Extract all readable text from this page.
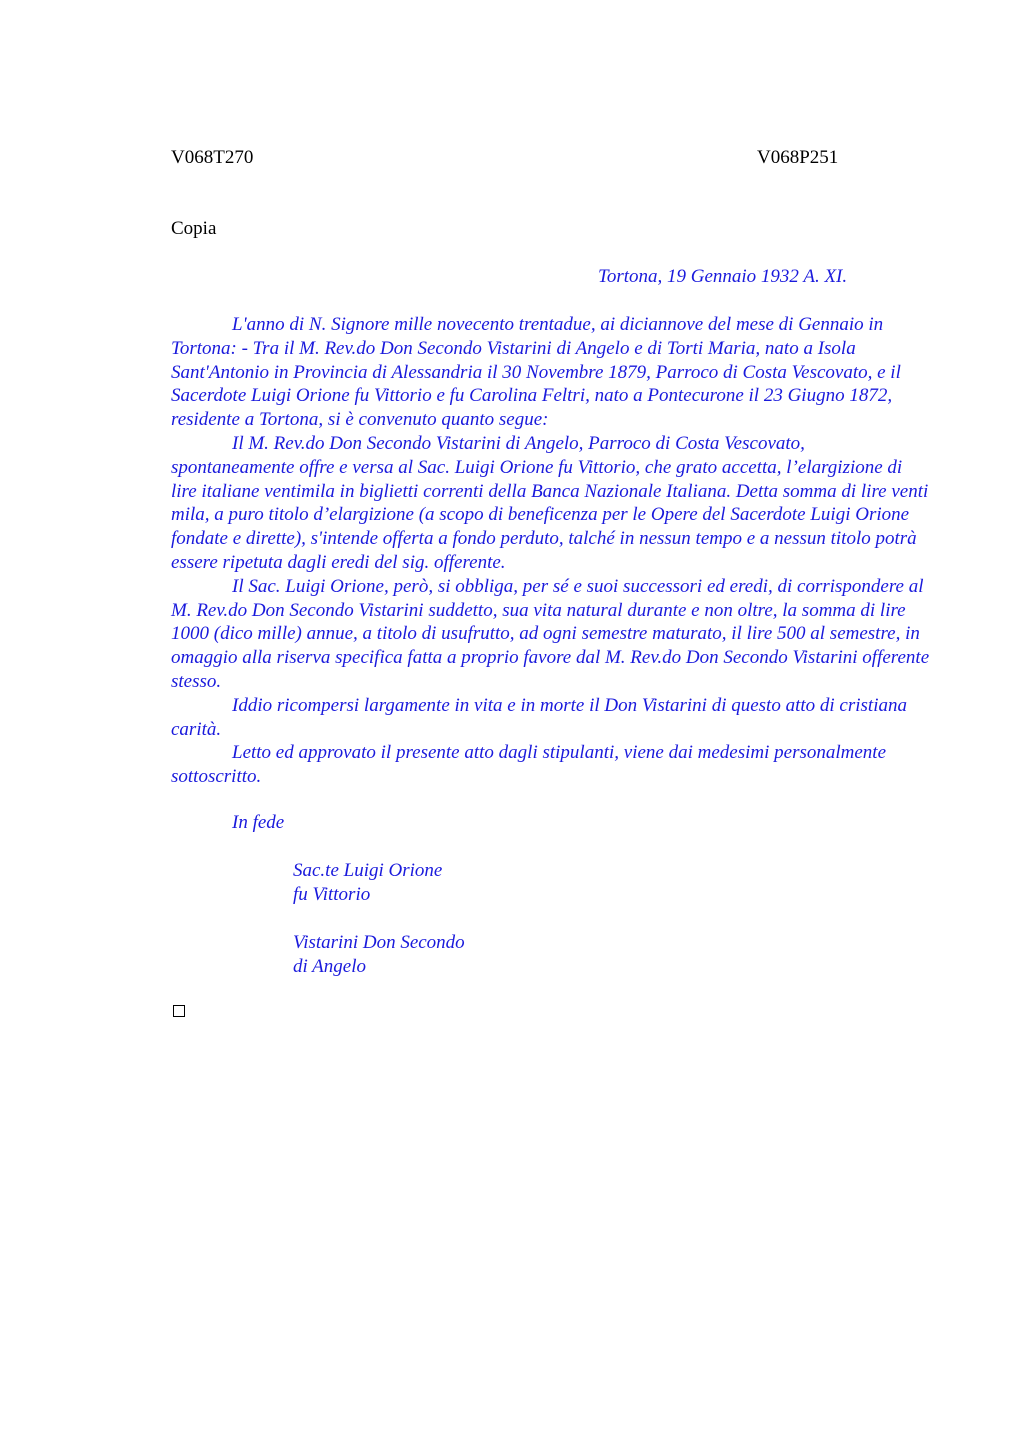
V068T270	V068P251
Copia
Tortona, 19 Gennaio 1932 A. XI.

L'anno di N. Signore mille novecento trentadue, ai diciannove del mese di Gennaio in Tortona: - Tra il M. Rev.do Don Secondo Vistarini di Angelo e di Torti Maria, nato a Isola Sant'Antonio in Provincia di Alessandria il 30 Novembre 1879, Parroco di Costa Vescovato, e il Sacerdote Luigi Orione fu Vittorio e fu Carolina Feltri, nato a Pontecurone il 23 Giugno 1872, residente a Tortona, si è convenuto quanto segue:

Il M. Rev.do Don Secondo Vistarini di Angelo, Parroco di Costa Vescovato, spontaneamente offre e versa al Sac. Luigi Orione fu Vittorio, che grato accetta, l’elargizione di lire italiane ventimila in biglietti correnti della Banca Nazionale Italiana. Detta somma di lire venti mila, a puro titolo d’elargizione (a scopo di beneficenza per le Opere del Sacerdote Luigi Orione fondate e dirette), s'intende offerta a fondo perduto, talché in nessun tempo e a nessun titolo potrà essere ripetuta dagli eredi del sig. offerente.

Il Sac. Luigi Orione, però, si obbliga, per sé e suoi successori ed eredi, di corrispondere al M. Rev.do Don Secondo Vistarini suddetto, sua vita natural durante e non oltre, la somma di lire 1000 (dico mille) annue, a titolo di usufrutto, ad ogni semestre maturato, il lire 500 al semestre, in omaggio alla riserva specifica fatta a proprio favore dal M. Rev.do Don Secondo Vistarini offerente stesso.

Iddio ricompersi largamente in vita e in morte il Don Vistarini di questo atto di cristiana carità.

Letto ed approvato il presente atto dagli stipulanti, viene dai medesimi personalmente sottoscritto.

In fede
Sac.te Luigi Orione
fu Vittorio
Vistarini Don Secondo
di Angelo
